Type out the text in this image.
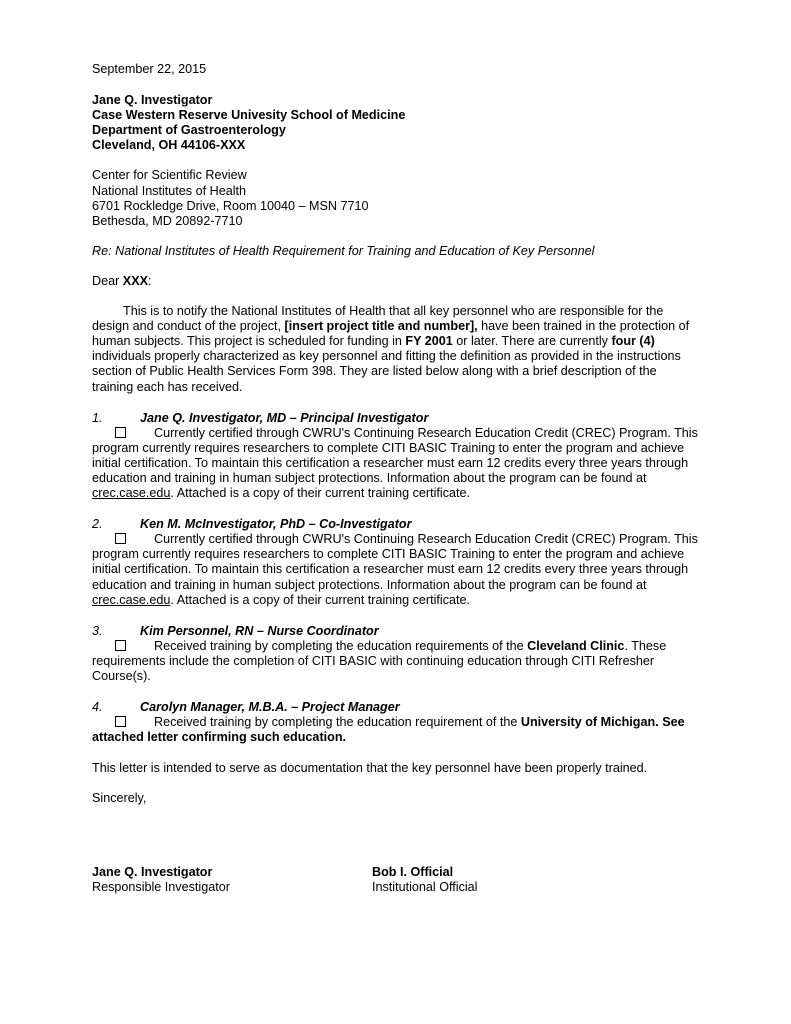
September 22, 2015
Jane Q. Investigator
Case Western Reserve Univesity School of Medicine
Department of Gastroenterology
Cleveland, OH 44106-XXX
Center for Scientific Review
National Institutes of Health
6701 Rockledge Drive, Room 10040 – MSN 7710
Bethesda, MD 20892-7710
Re: National Institutes of Health Requirement for Training and Education of Key Personnel
Dear XXX:
This is to notify the National Institutes of Health that all key personnel who are responsible for the design and conduct of the project, [insert project title and number], have been trained in the protection of human subjects. This project is scheduled for funding in FY 2001 or later. There are currently four (4) individuals properly characterized as key personnel and fitting the definition as provided in the instructions section of Public Health Services Form 398. They are listed below along with a brief description of the training each has received.
1.	Jane Q. Investigator, MD – Principal Investigator
Currently certified through CWRU's Continuing Research Education Credit (CREC) Program. This program currently requires researchers to complete CITI BASIC Training to enter the program and achieve initial certification. To maintain this certification a researcher must earn 12 credits every three years through education and training in human subject protections. Information about the program can be found at crec.case.edu. Attached is a copy of their current training certificate.
2.	Ken M. McInvestigator, PhD – Co-Investigator
Currently certified through CWRU's Continuing Research Education Credit (CREC) Program. This program currently requires researchers to complete CITI BASIC Training to enter the program and achieve initial certification. To maintain this certification a researcher must earn 12 credits every three years through education and training in human subject protections. Information about the program can be found at crec.case.edu. Attached is a copy of their current training certificate.
3.	Kim Personnel, RN – Nurse Coordinator
Received training by completing the education requirements of the Cleveland Clinic. These requirements include the completion of CITI BASIC with continuing education through CITI Refresher Course(s).
4.	Carolyn Manager, M.B.A. – Project Manager
Received training by completing the education requirement of the University of Michigan. See attached letter confirming such education.
This letter is intended to serve as documentation that the key personnel have been properly trained.
Sincerely,
Jane Q. Investigator
Responsible Investigator
Bob I. Official
Institutional Official
